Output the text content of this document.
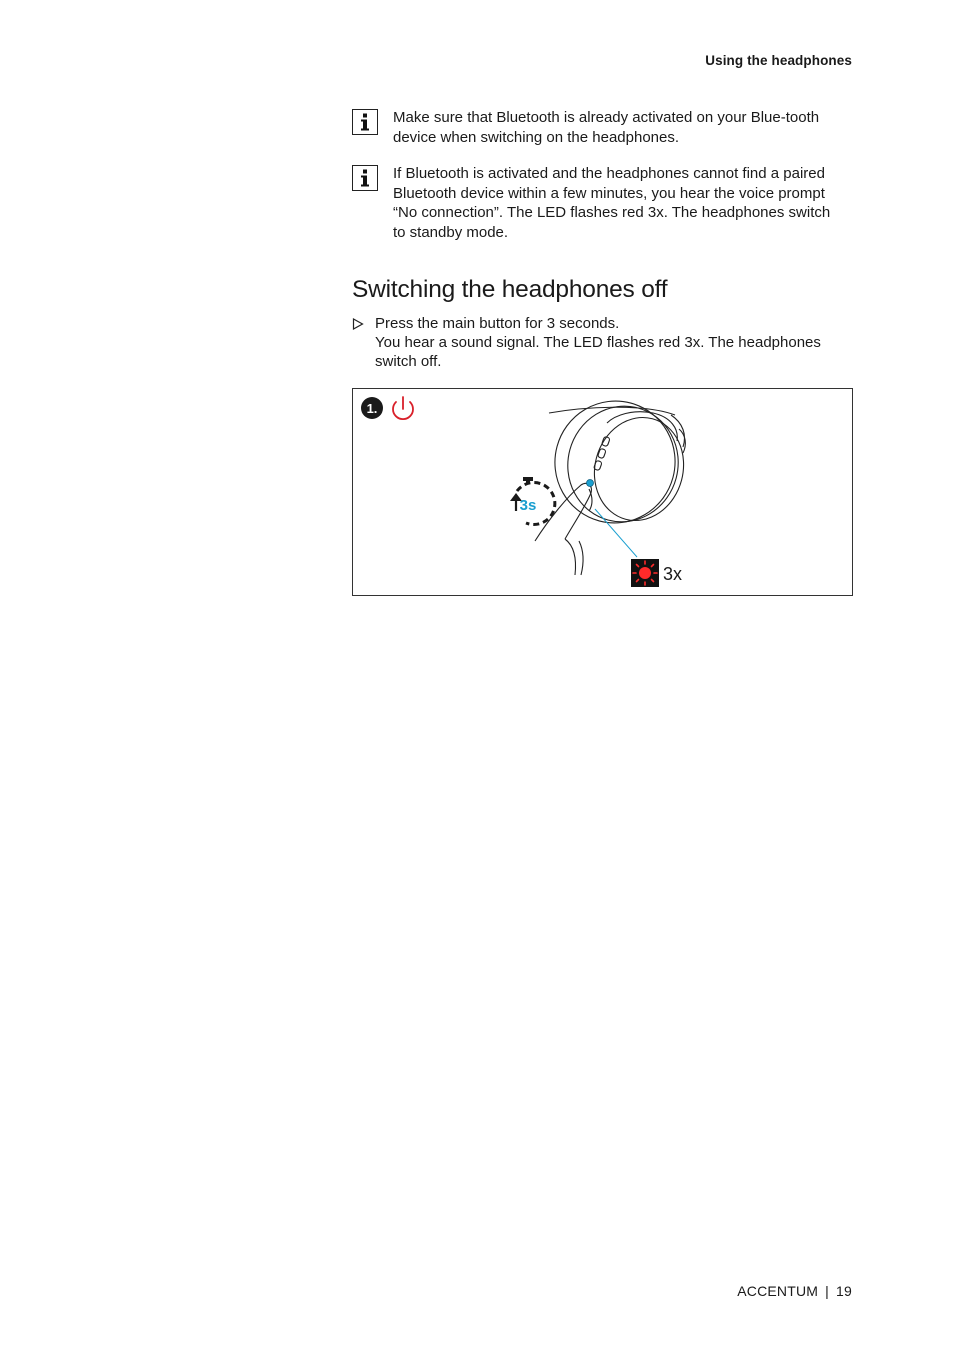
Using the headphones
Make sure that Bluetooth is already activated on your Blue-tooth device when switching on the headphones.
If Bluetooth is activated and the headphones cannot find a paired Bluetooth device within a few minutes, you hear the voice prompt “No connection”. The LED flashes red 3x. The headphones switch to standby mode.
Switching the headphones off
Press the main button for 3 seconds.
You hear a sound signal. The LED flashes red 3x. The headphones switch off.
1.
3s
3x
ACCENTUM | 19
